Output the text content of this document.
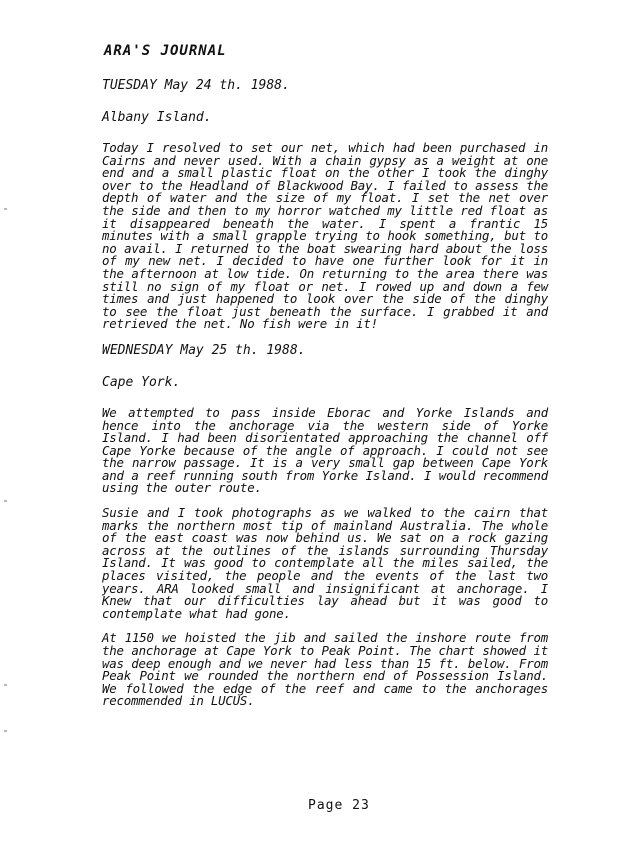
ARA'S JOURNAL

TUESDAY May 24 th. 1988.

Albany Island.

Today I resolved to set our net, which had been purchased in Cairns and never used. With a chain gypsy as a weight at one end and a small plastic float on the other I took the dinghy over to the Headland of Blackwood Bay. I failed to assess the depth of water and the size of my float. I set the net over the side and then to my horror watched my little red float as it disappeared beneath the water. I spent a frantic 15 minutes with a small grapple trying to hook something, but to no avail. I returned to the boat swearing hard about the loss of my new net. I decided to have one further look for it in the afternoon at low tide. On returning to the area there was still no sign of my float or net. I rowed up and down a few times and just happened to look over the side of the dinghy to see the float just beneath the surface. I grabbed it and retrieved the net. No fish were in it!

WEDNESDAY May 25 th. 1988.

Cape York.

We attempted to pass inside Eborac and Yorke Islands and hence into the anchorage via the western side of Yorke Island. I had been disorientated approaching the channel off Cape Yorke because of the angle of approach. I could not see the narrow passage. It is a very small gap between Cape York and a reef running south from Yorke Island. I would recommend using the outer route.

Susie and I took photographs as we walked to the cairn that marks the northern most tip of mainland Australia. The whole of the east coast was now behind us. We sat on a rock gazing across at the outlines of the islands surrounding Thursday Island. It was good to contemplate all the miles sailed, the places visited, the people and the events of the last two years. ARA looked small and insignificant at anchorage. I Knew that our difficulties lay ahead but it was good to contemplate what had gone.

At 1150 we hoisted the jib and sailed the inshore route from the anchorage at Cape York to Peak Point. The chart showed it was deep enough and we never had less than 15 ft. below. From Peak Point we rounded the northern end of Possession Island. We followed the edge of the reef and came to the anchorages recommended in LUCUS.

Page 23
